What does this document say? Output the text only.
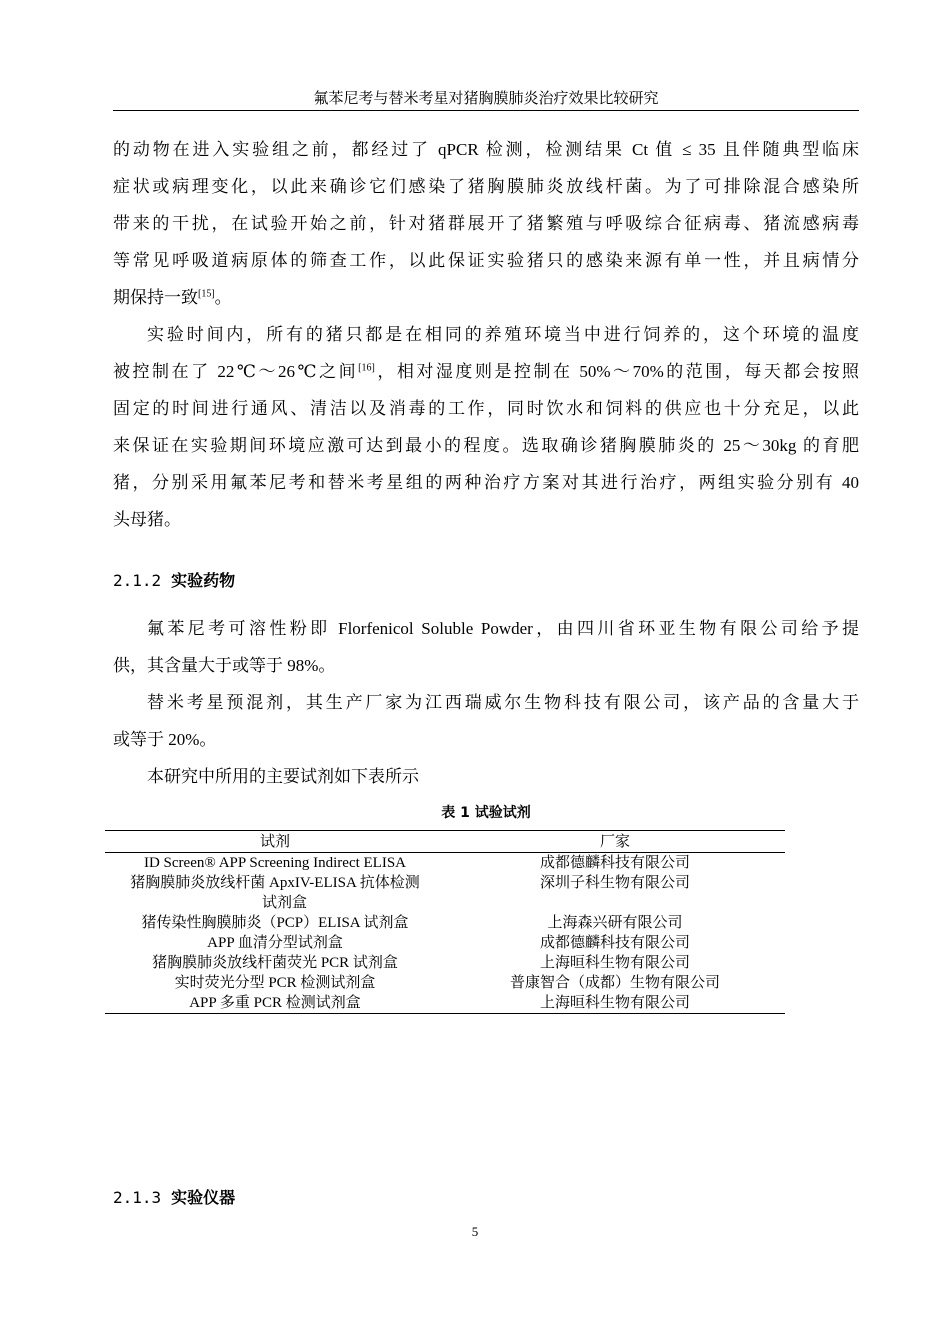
氟苯尼考与替米考星对猪胸膜肺炎治疗效果比较研究
的动物在进入实验组之前，都经过了 qPCR 检测，检测结果 Ct 值 ≤ 35 且伴随典型临床
症状或病理变化，以此来确诊它们感染了猪胸膜肺炎放线杆菌。为了可排除混合感染所
带来的干扰，在试验开始之前，针对猪群展开了猪繁殖与呼吸综合征病毒、猪流感病毒
等常见呼吸道病原体的筛查工作，以此保证实验猪只的感染来源有单一性，并且病情分
期保持一致[15]。
实验时间内，所有的猪只都是在相同的养殖环境当中进行饲养的，这个环境的温度
被控制在了 22℃～26℃之间[16]，相对湿度则是控制在 50%～70%的范围，每天都会按照
固定的时间进行通风、清洁以及消毒的工作，同时饮水和饲料的供应也十分充足，以此
来保证在实验期间环境应激可达到最小的程度。选取确诊猪胸膜肺炎的 25～30kg 的育肥
猪，分别采用氟苯尼考和替米考星组的两种治疗方案对其进行治疗，两组实验分别有 40
头母猪。
2.1.2 实验药物
氟苯尼考可溶性粉即 Florfenicol Soluble Powder，由四川省环亚生物有限公司给予提
供，其含量大于或等于 98%。
替米考星预混剂，其生产厂家为江西瑞威尔生物科技有限公司，该产品的含量大于
或等于 20%。
本研究中所用的主要试剂如下表所示
表 1 试验试剂
试剂	厂家
ID Screen® APP Screening Indirect ELISA	成都德麟科技有限公司

猪胸膜肺炎放线杆菌 ApxIV-ELISA 抗体检测
试剂盒	深圳子科生物有限公司
猪传染性胸膜肺炎（PCP）ELISA 试剂盒	上海森兴研有限公司
APP 血清分型试剂盒	成都德麟科技有限公司
猪胸膜肺炎放线杆菌荧光 PCR 试剂盒	上海晅科生物有限公司
实时荧光分型 PCR 检测试剂盒	普康智合（成都）生物有限公司
APP 多重 PCR 检测试剂盒	上海晅科生物有限公司
2.1.3 实验仪器
5
